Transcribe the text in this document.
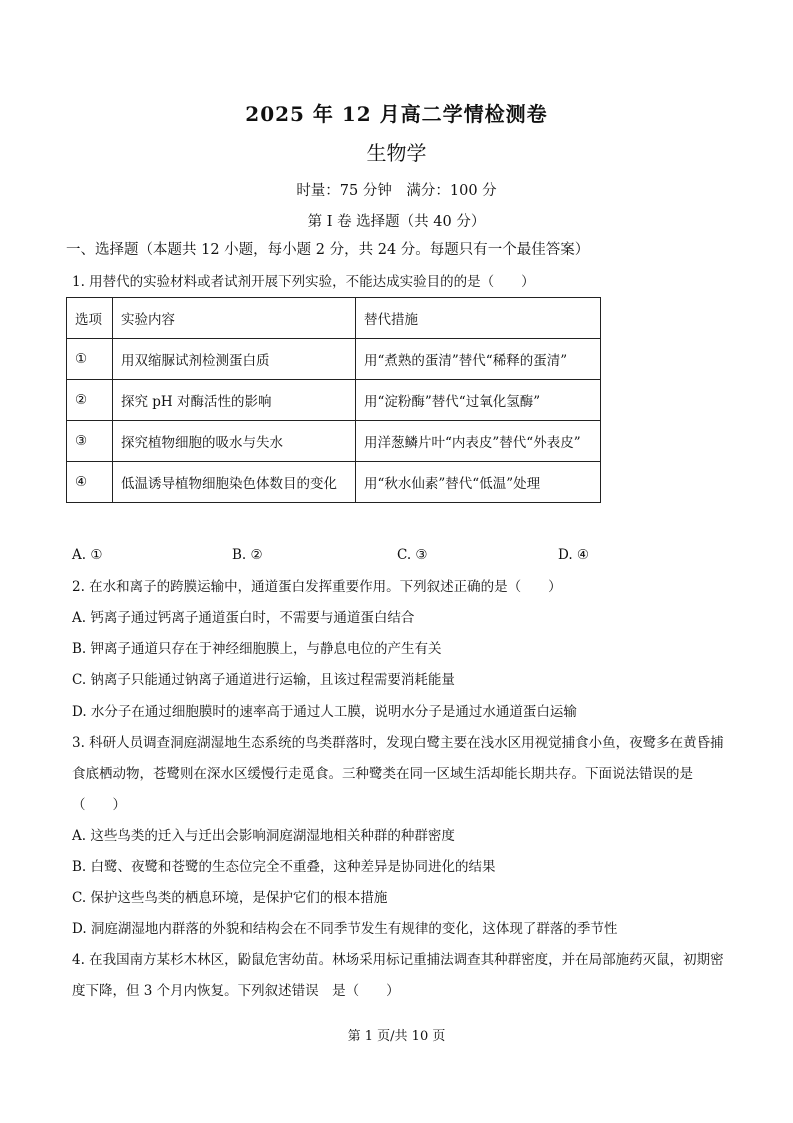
2025 年 12 月高二学情检测卷
生物学
时量：75 分钟　满分：100 分
第 I 卷 选择题（共 40 分）
一、选择题（本题共 12 小题，每小题 2 分，共 24 分。每题只有一个最佳答案）
1. 用替代的实验材料或者试剂开展下列实验，不能达成实验目的的是（　　）
选项	实验内容	替代措施
①	用双缩脲试剂检测蛋白质	用“煮熟的蛋清”替代“稀释的蛋清”
②	探究 pH 对酶活性的影响	用“淀粉酶”替代“过氧化氢酶”
③	探究植物细胞的吸水与失水	用洋葱鳞片叶“内表皮”替代“外表皮”
④	低温诱导植物细胞染色体数目的变化	用“秋水仙素”替代“低温”处理
A. ①	B. ②	C. ③	D. ④
2. 在水和离子的跨膜运输中，通道蛋白发挥重要作用。下列叙述正确的是（　　）
A. 钙离子通过钙离子通道蛋白时，不需要与通道蛋白结合
B. 钾离子通道只存在于神经细胞膜上，与静息电位的产生有关
C. 钠离子只能通过钠离子通道进行运输，且该过程需要消耗能量
D. 水分子在通过细胞膜时的速率高于通过人工膜，说明水分子是通过水通道蛋白运输
3. 科研人员调查洞庭湖湿地生态系统的鸟类群落时，发现白鹭主要在浅水区用视觉捕食小鱼，夜鹭多在黄昏捕食底栖动物，苍鹭则在深水区缓慢行走觅食。三种鹭类在同一区域生活却能长期共存。下面说法错误的是（　　）
A. 这些鸟类的迁入与迁出会影响洞庭湖湿地相关种群的种群密度
B. 白鹭、夜鹭和苍鹭的生态位完全不重叠，这种差异是协同进化的结果
C. 保护这些鸟类的栖息环境，是保护它们的根本措施
D. 洞庭湖湿地内群落的外貌和结构会在不同季节发生有规律的变化，这体现了群落的季节性
4. 在我国南方某杉木林区，鼢鼠危害幼苗。林场采用标记重捕法调查其种群密度，并在局部施药灭鼠，初期密度下降，但 3 个月内恢复。下列叙述错误　是（　　）
第 1 页/共 10 页
